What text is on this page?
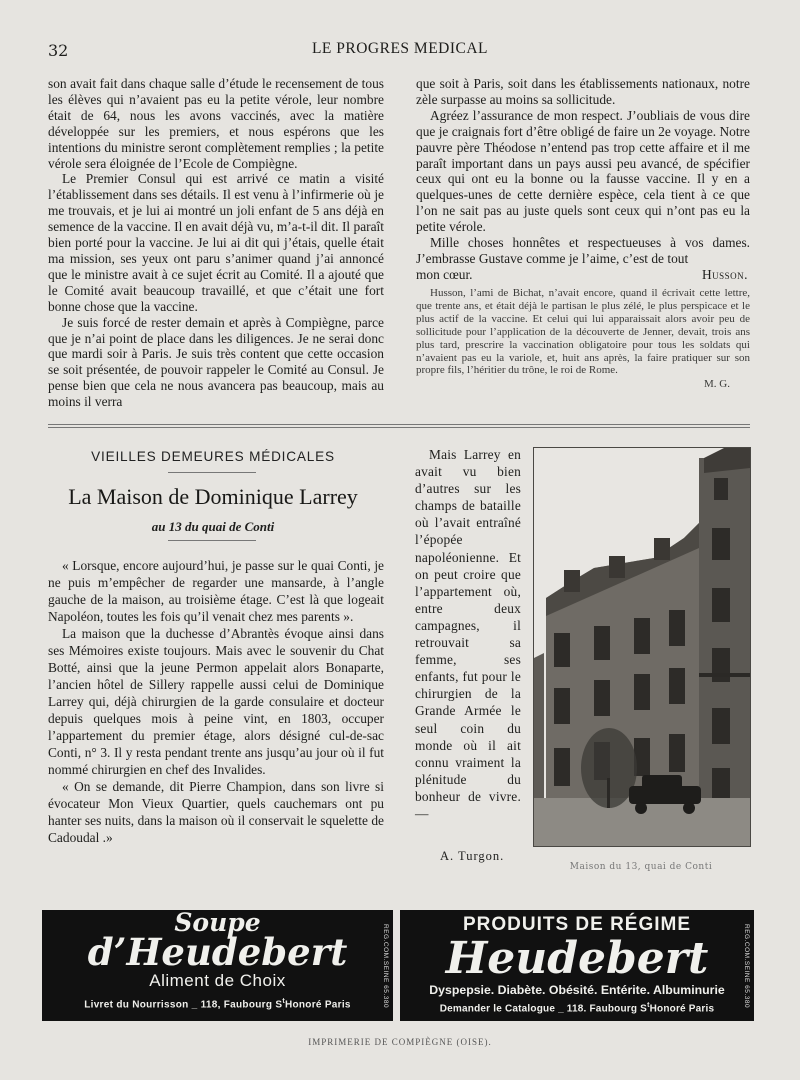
32	LE PROGRES MEDICAL

son avait fait dans chaque salle d’étude le recensement de tous les élèves qui n’avaient pas eu la petite vérole, leur nombre était de 64, nous les avons vaccinés, avec la matière développée sur les premiers, et nous espérons que les intentions du ministre seront complètement remplies ; la petite vérole sera éloignée de l’Ecole de Compiègne.

Le Premier Consul qui est arrivé ce matin a visité l’établissement dans ses détails. Il est venu à l’infirmerie où je me trouvais, et je lui ai montré un joli enfant de 5 ans déjà en semence de la vaccine. Il en avait déjà vu, m’a-t-il dit. Il paraît bien porté pour la vaccine. Je lui ai dit qui j’étais, quelle était ma mission, ses yeux ont paru s’animer quand j’ai annoncé que le ministre avait à ce sujet écrit au Comité. Il a ajouté que le Comité avait beaucoup travaillé, et que c’était une fort bonne chose que la vaccine.

Je suis forcé de rester demain et après à Compiègne, parce que je n’ai point de place dans les diligences. Je ne serai donc que mardi soir à Paris. Je suis très content que cette occasion se soit présentée, de pouvoir rappeler le Comité au Consul. Je pense bien que cela ne nous avancera pas beaucoup, mais au moins il verra

que soit à Paris, soit dans les établissements nationaux, notre zèle surpasse au moins sa sollicitude.

Agréez l’assurance de mon respect. J’oubliais de vous dire que je craignais fort d’être obligé de faire un 2e voyage. Notre pauvre père Théodose n’entend pas trop cette affaire et il me paraît important dans un pays aussi peu avancé, de spécifier ceux qui ont eu la bonne ou la fausse vaccine. Il y en a quelques-unes de cette dernière espèce, cela tient à ce que l’on ne sait pas au juste quels sont ceux qui n’ont pas eu la petite vérole.

Mille choses honnêtes et respectueuses à vos dames. J’embrasse Gustave comme je l’aime, c’est de tout

mon cœur.	Husson.

Husson, l’ami de Bichat, n’avait encore, quand il écrivait cette lettre, que trente ans, et était déjà le partisan le plus zélé, le plus perspicace et le plus actif de la vaccine. Et celui qui lui apparaissait alors avoir peu de sollicitude pour l’application de la découverte de Jenner, devait, trois ans plus tard, prescrire la vaccination obligatoire pour tous les soldats qui n’avaient pas eu la variole, et, huit ans après, la faire pratiquer sur son propre fils, l’héritier du trône, le roi de Rome.

M. G.
VIEILLES DEMEURES MÉDICALES
La Maison de Dominique Larrey
au 13 du quai de Conti

« Lorsque, encore aujourd’hui, je passe sur le quai Conti, je ne puis m’empêcher de regarder une mansarde, à l’angle gauche de la maison, au troisième étage. C’est là que logeait Napoléon, toutes les fois qu’il venait chez mes parents ».

La maison que la duchesse d’Abrantès évoque ainsi dans ses Mémoires existe toujours. Mais avec le souvenir du Chat Botté, ainsi que la jeune Permon appelait alors Bonaparte, l’ancien hôtel de Sillery rappelle aussi celui de Dominique Larrey qui, déjà chirurgien de la garde consulaire et docteur depuis quelques mois à peine vint, en 1803, occuper l’appartement du premier étage, alors désigné cul-de-sac Conti, n° 3. Il y resta pendant trente ans jusqu’au jour où il fut nommé chirurgien en chef des Invalides.

« On se demande, dit Pierre Champion, dans son livre si évocateur Mon Vieux Quartier, quels cauchemars ont pu hanter ses nuits, dans la maison où il conservait le squelette de Cadoudal .»

Mais Larrey en avait vu bien d’autres sur les champs de bataille où l’avait entraîné l’épopée napoléonienne. Et on peut croire que l’appartement où, entre deux campagnes, il retrouvait sa femme, ses enfants, fut pour le chirurgien de la Grande Armée le seul coin du monde où il ait connu vraiment la plénitude du bonheur de vivre. —

A. Turgon.
Maison du 13, quai de Conti
Soupe
d’Heudebert
Aliment de Choix
Livret du Nourrisson _ 118, Faubourg $S^tHonoré$ Paris	REG.COM.SEINE 65.380	PRODUITS DE RÉGIME
Heudebert
Dyspepsie. Diabète. Obésité. Entérite. Albuminurie
Demander le Catalogue _ 118. Faubourg $S^tHonoré$ Paris
REG.COM.SEINE 65.380
IMPRIMERIE DE COMPIÈGNE (OISE).
